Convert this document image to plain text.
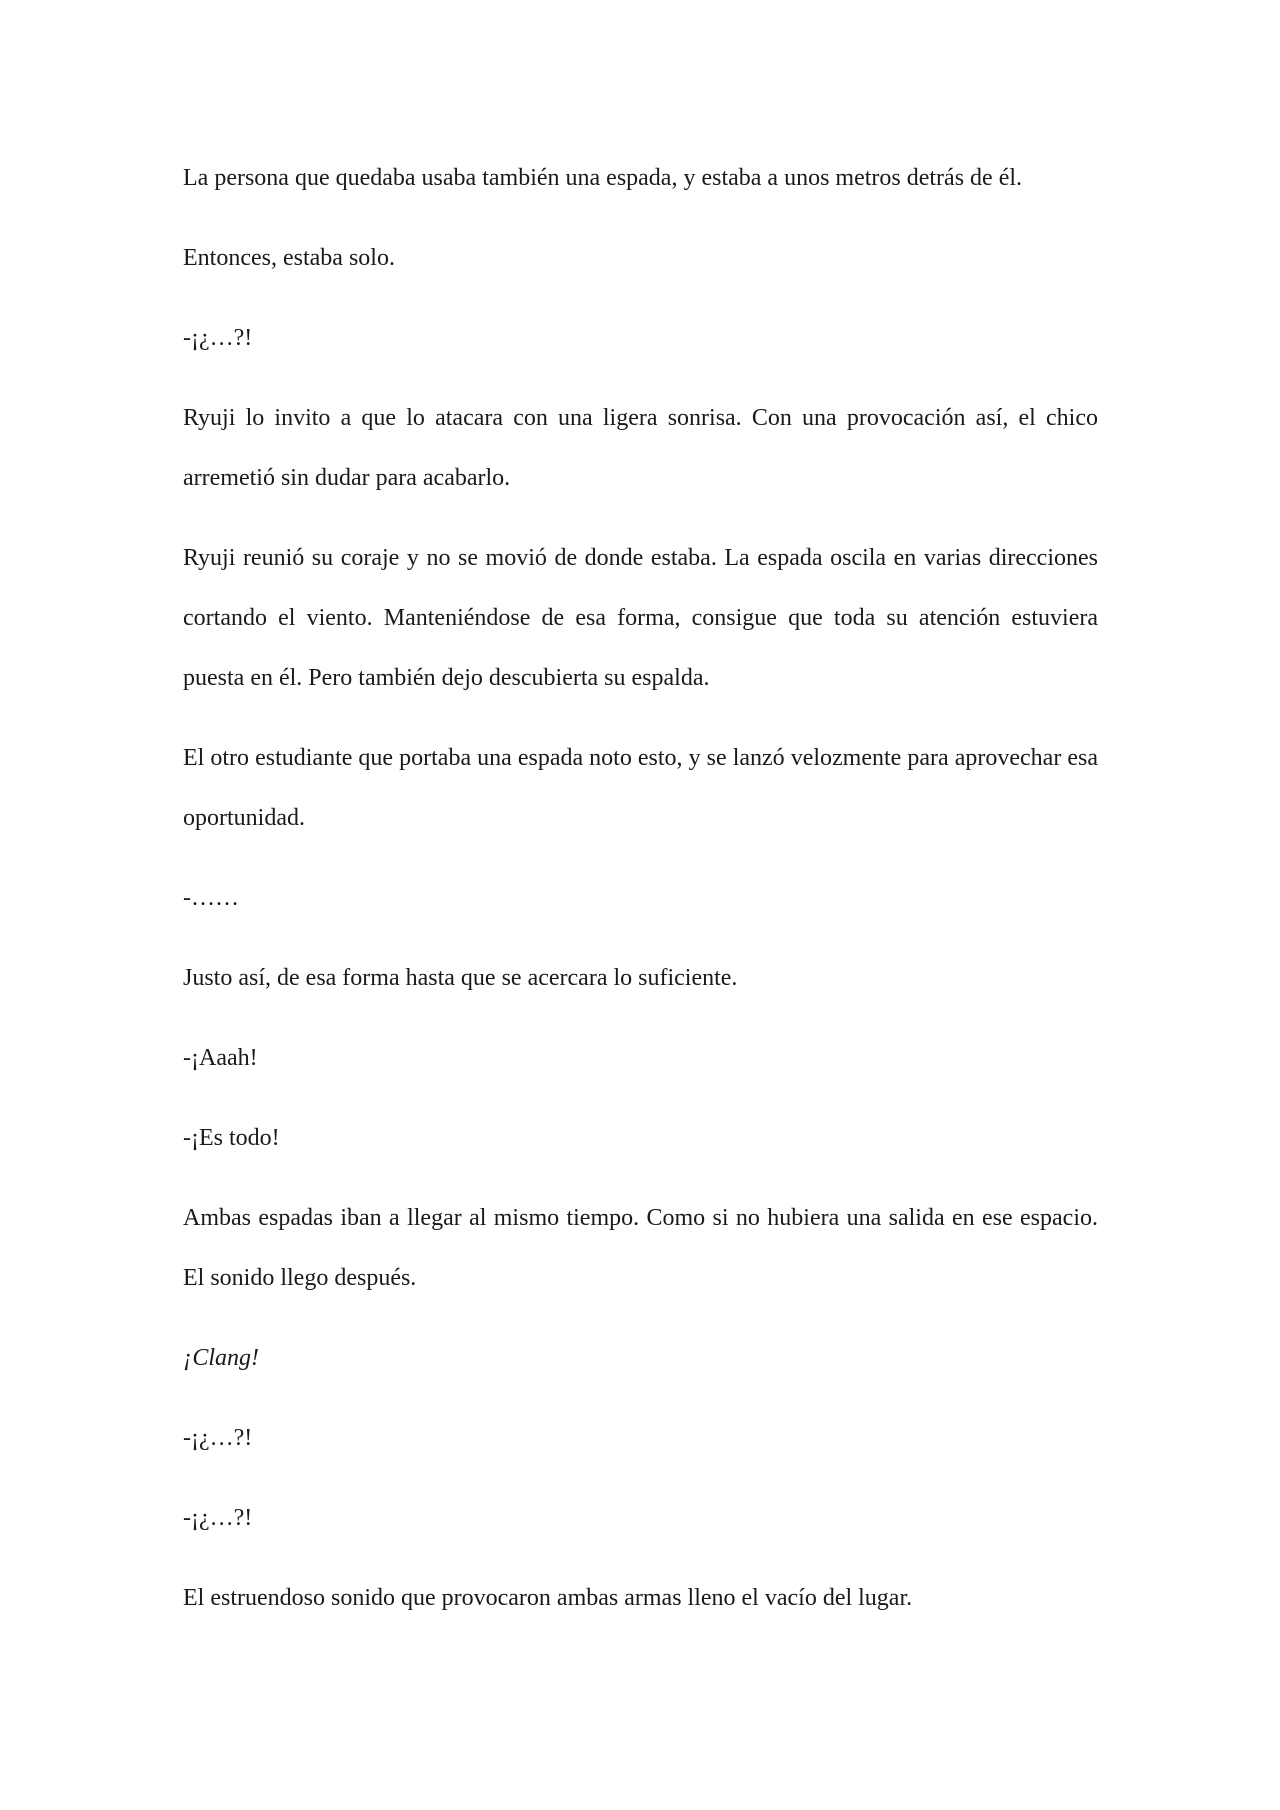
La persona que quedaba usaba también una espada, y estaba a unos metros detrás de él.

Entonces, estaba solo.

-¡¿…?!

Ryuji lo invito a que lo atacara con una ligera sonrisa. Con una provocación así, el chico arremetió sin dudar para acabarlo.

Ryuji reunió su coraje y no se movió de donde estaba. La espada oscila en varias direcciones cortando el viento. Manteniéndose de esa forma, consigue que toda su atención estuviera puesta en él. Pero también dejo descubierta su espalda.

El otro estudiante que portaba una espada noto esto, y se lanzó velozmente para aprovechar esa oportunidad.

-……

Justo así, de esa forma hasta que se acercara lo suficiente.

-¡Aaah!

-¡Es todo!

Ambas espadas iban a llegar al mismo tiempo. Como si no hubiera una salida en ese espacio. El sonido llego después.

¡Clang!

-¡¿…?!

-¡¿…?!

El estruendoso sonido que provocaron ambas armas lleno el vacío del lugar.
